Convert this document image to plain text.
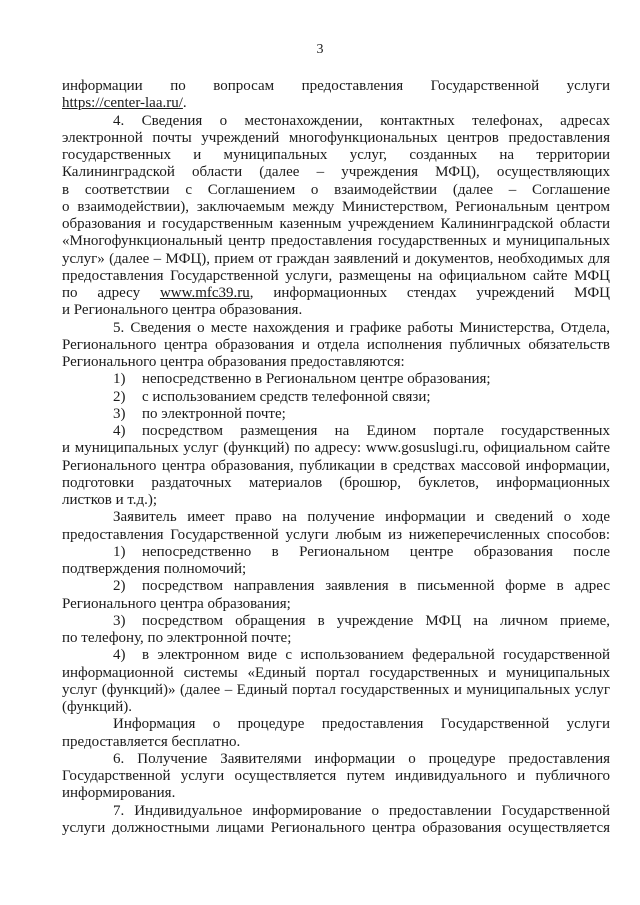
3
информации по вопросам предоставления Государственной услуги
https://center-laa.ru/.
4. Сведения о местонахождении, контактных телефонах, адресах
электронной почты учреждений многофункциональных центров предоставления
государственных и муниципальных услуг, созданных на территории
Калининградской области (далее – учреждения МФЦ), осуществляющих
в соответствии с Соглашением о взаимодействии (далее – Соглашение
о взаимодействии), заключаемым между Министерством, Региональным центром
образования и государственным казенным учреждением Калининградской области
«Многофункциональный центр предоставления государственных и муниципальных
услуг» (далее – МФЦ), прием от граждан заявлений и документов, необходимых для
предоставления Государственной услуги, размещены на официальном сайте МФЦ
по адресу www.mfc39.ru, информационных стендах учреждений МФЦ
и Регионального центра образования.
5. Сведения о месте нахождения и графике работы Министерства, Отдела,
Регионального центра образования и отдела исполнения публичных обязательств
Регионального центра образования предоставляются:
1) непосредственно в Региональном центре образования;
2) с использованием средств телефонной связи;
3) по электронной почте;
4) посредством размещения на Едином портале государственных
и муниципальных услуг (функций) по адресу: www.gosuslugi.ru, официальном сайте
Регионального центра образования, публикации в средствах массовой информации,
подготовки раздаточных материалов (брошюр, буклетов, информационных
листков и т.д.);
Заявитель имеет право на получение информации и сведений о ходе
предоставления Государственной услуги любым из нижеперечисленных способов:
1) непосредственно в Региональном центре образования после
подтверждения полномочий;
2) посредством направления заявления в письменной форме в адрес
Регионального центра образования;
3) посредством обращения в учреждение МФЦ на личном приеме,
по телефону, по электронной почте;
4) в электронном виде с использованием федеральной государственной
информационной системы «Единый портал государственных и муниципальных
услуг (функций)» (далее – Единый портал государственных и муниципальных услуг
(функций).
Информация о процедуре предоставления Государственной услуги
предоставляется бесплатно.
6. Получение Заявителями информации о процедуре предоставления
Государственной услуги осуществляется путем индивидуального и публичного
информирования.
7. Индивидуальное информирование о предоставлении Государственной
услуги должностными лицами Регионального центра образования осуществляется
